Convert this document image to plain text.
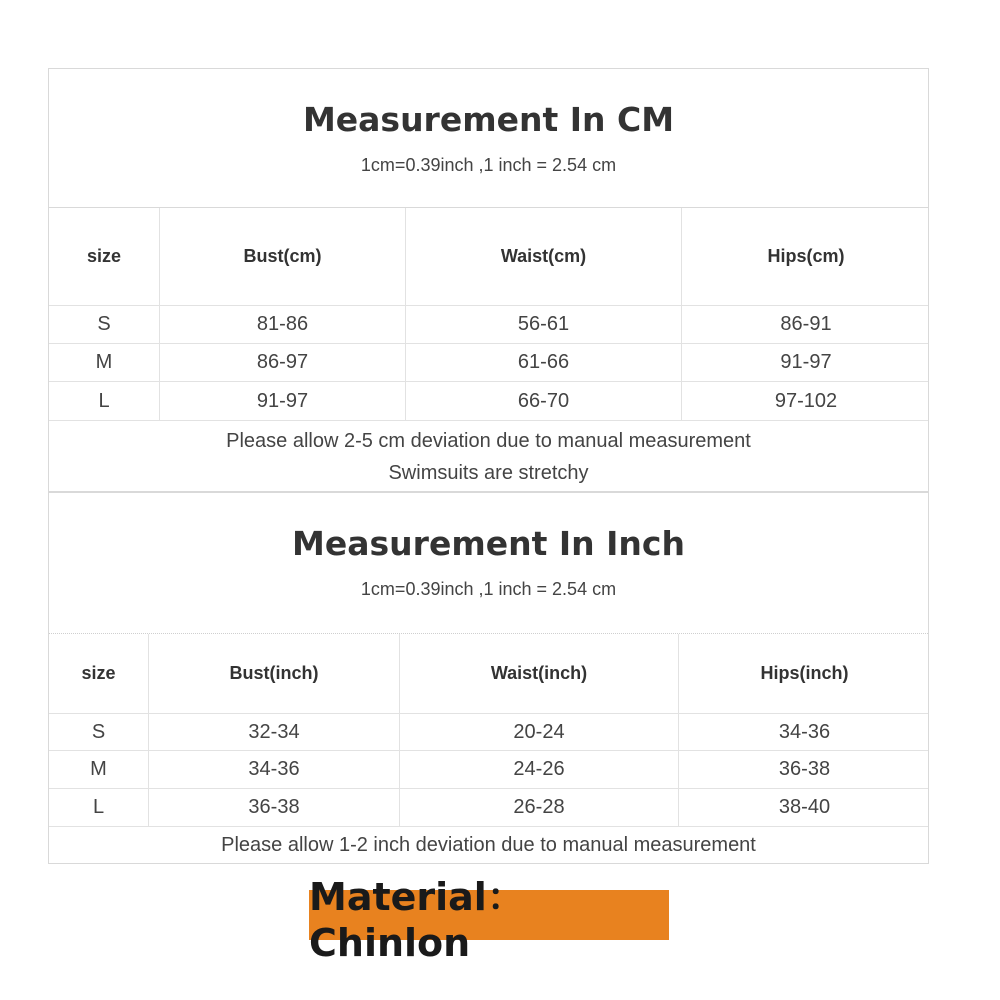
Measurement In CM
1cm=0.39inch ,1 inch = 2.54 cm
size	Bust(cm)	Waist(cm)	Hips(cm)
S	81-86	56-61	86-91
M	86-97	61-66	91-97
L	91-97	66-70	97-102
Please allow 2-5 cm deviation due to manual measurement
Swimsuits are stretchy
Measurement In Inch
1cm=0.39inch ,1 inch = 2.54 cm
size	Bust(inch)	Waist(inch)	Hips(inch)
S	32-34	20-24	34-36
M	34-36	24-26	36-38
L	36-38	26-28	38-40
Please allow 1-2 inch deviation due to manual measurement
Material： Chinlon
